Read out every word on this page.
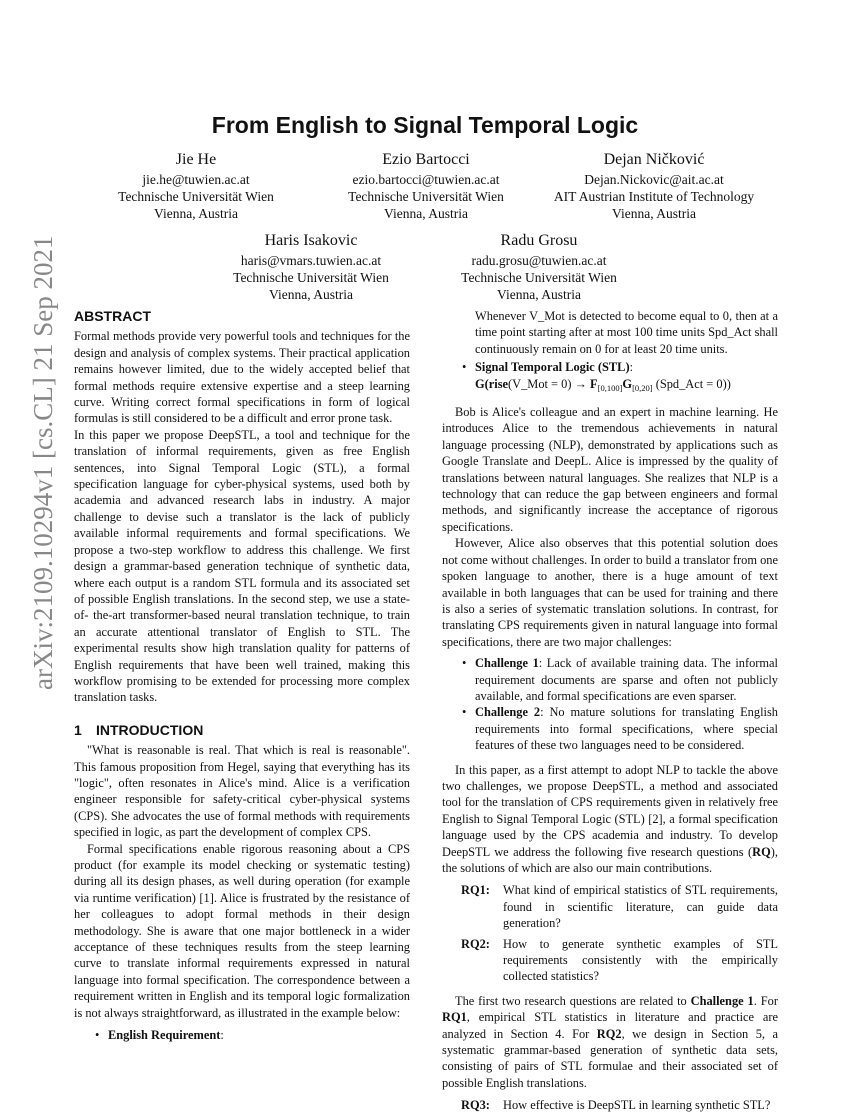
arXiv:2109.10294v1 [cs.CL] 21 Sep 2021
From English to Signal Temporal Logic
Jie He
jie.he@tuwien.ac.at
Technische Universität Wien
Vienna, Austria
Ezio Bartocci
ezio.bartocci@tuwien.ac.at
Technische Universität Wien
Vienna, Austria
Dejan Ničković
Dejan.Nickovic@ait.ac.at
AIT Austrian Institute of Technology
Vienna, Austria
Haris Isakovic
haris@vmars.tuwien.ac.at
Technische Universität Wien
Vienna, Austria
Radu Grosu
radu.grosu@tuwien.ac.at
Technische Universität Wien
Vienna, Austria
ABSTRACT

Formal methods provide very powerful tools and techniques for the design and analysis of complex systems. Their practical application remains however limited, due to the widely accepted belief that formal methods require extensive expertise and a steep learning curve. Writing correct formal specifications in form of logical formulas is still considered to be a difficult and error prone task.

In this paper we propose DeepSTL, a tool and technique for the translation of informal requirements, given as free English sentences, into Signal Temporal Logic (STL), a formal specification language for cyber-physical systems, used both by academia and advanced research labs in industry. A major challenge to devise such a translator is the lack of publicly available informal requirements and formal specifications. We propose a two-step workflow to address this challenge. We first design a grammar-based generation technique of synthetic data, where each output is a random STL formula and its associated set of possible English translations. In the second step, we use a state-of- the-art transformer-based neural translation technique, to train an accurate attentional translator of English to STL. The experimental results show high translation quality for patterns of English requirements that have been well trained, making this workflow promising to be extended for processing more complex translation tasks.

1 INTRODUCTION

"What is reasonable is real. That which is real is reasonable". This famous proposition from Hegel, saying that everything has its "logic", often resonates in Alice's mind. Alice is a verification engineer responsible for safety-critical cyber-physical systems (CPS). She advocates the use of formal methods with requirements specified in logic, as part the development of complex CPS.

Formal specifications enable rigorous reasoning about a CPS product (for example its model checking or systematic testing) during all its design phases, as well during operation (for example via runtime verification) [1]. Alice is frustrated by the resistance of her colleagues to adopt formal methods in their design methodology. She is aware that one major bottleneck in a wider acceptance of these techniques results from the steep learning curve to translate informal requirements expressed in natural language into formal specification. The correspondence between a requirement written in English and its temporal logic formalization is not always straightforward, as illustrated in the example below:

• English Requirement:

Whenever V_Mot is detected to become equal to 0, then at a time point starting after at most 100 time units Spd_Act shall continuously remain on 0 for at least 20 time units.

• Signal Temporal Logic (STL):

G(rise(V_Mot = $0) \to F_{[0,100]}G_{[0,20]}$ (Spd_Act = 0))

Bob is Alice's colleague and an expert in machine learning. He introduces Alice to the tremendous achievements in natural language processing (NLP), demonstrated by applications such as Google Translate and DeepL. Alice is impressed by the quality of translations between natural languages. She realizes that NLP is a technology that can reduce the gap between engineers and formal methods, and significantly increase the acceptance of rigorous specifications.

However, Alice also observes that this potential solution does not come without challenges. In order to build a translator from one spoken language to another, there is a huge amount of text available in both languages that can be used for training and there is also a series of systematic translation solutions. In contrast, for translating CPS requirements given in natural language into formal specifications, there are two major challenges:

• Challenge 1: Lack of available training data. The informal requirement documents are sparse and often not publicly available, and formal specifications are even sparser.
• Challenge 2: No mature solutions for translating English requirements into formal specifications, where special features of these two languages need to be considered.

In this paper, as a first attempt to adopt NLP to tackle the above two challenges, we propose DeepSTL, a method and associated tool for the translation of CPS requirements given in relatively free English to Signal Temporal Logic (STL) [2], a formal specification language used by the CPS academia and industry. To develop DeepSTL we address the following five research questions (RQ), the solutions of which are also our main contributions.

RQ1: What kind of empirical statistics of STL requirements, found in scientific literature, can guide data generation?
RQ2: How to generate synthetic examples of STL requirements consistently with the empirically collected statistics?

The first two research questions are related to Challenge 1. For RQ1, empirical STL statistics in literature and practice are analyzed in Section 4. For RQ2, we design in Section 5, a systematic grammar-based generation of synthetic data sets, consisting of pairs of STL formulae and their associated set of possible English translations.

RQ3: How effective is DeepSTL in learning synthetic STL?
